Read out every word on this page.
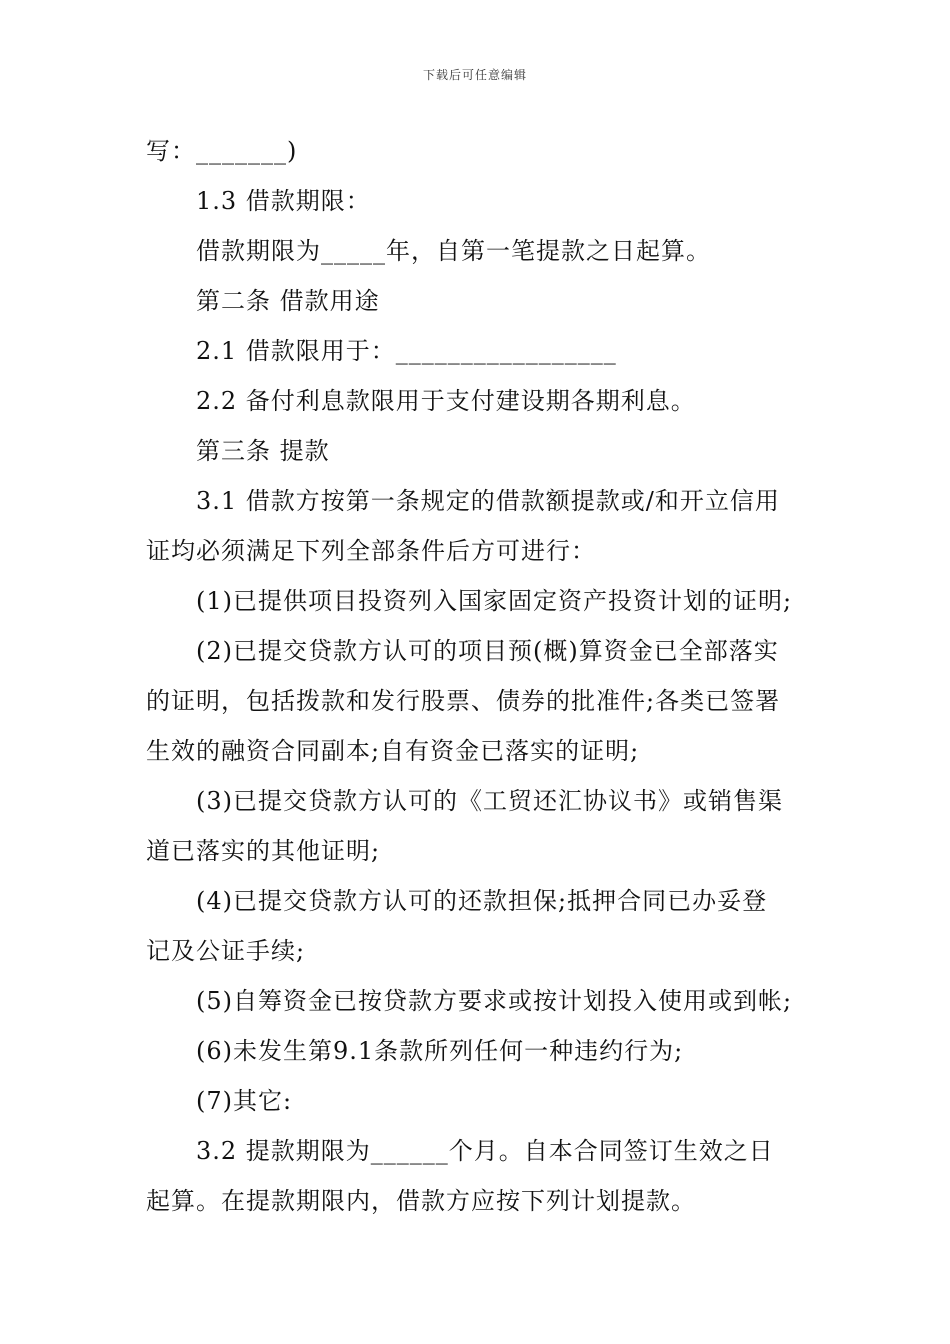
下载后可任意编辑
写：_______)
1.3 借款期限：
借款期限为_____年，自第一笔提款之日起算。
第二条 借款用途
2.1 借款限用于：_________________
2.2 备付利息款限用于支付建设期各期利息。
第三条 提款
3.1 借款方按第一条规定的借款额提款或/和开立信用
证均必须满足下列全部条件后方可进行：
(1)已提供项目投资列入国家固定资产投资计划的证明;
(2)已提交贷款方认可的项目预(概)算资金已全部落实
的证明，包括拨款和发行股票、债券的批准件;各类已签署
生效的融资合同副本;自有资金已落实的证明;
(3)已提交贷款方认可的《工贸还汇协议书》或销售渠
道已落实的其他证明;
(4)已提交贷款方认可的还款担保;抵押合同已办妥登
记及公证手续;
(5)自筹资金已按贷款方要求或按计划投入使用或到帐;
(6)未发生第9.1条款所列任何一种违约行为;
(7)其它:
3.2 提款期限为______个月。自本合同签订生效之日
起算。在提款期限内，借款方应按下列计划提款。
